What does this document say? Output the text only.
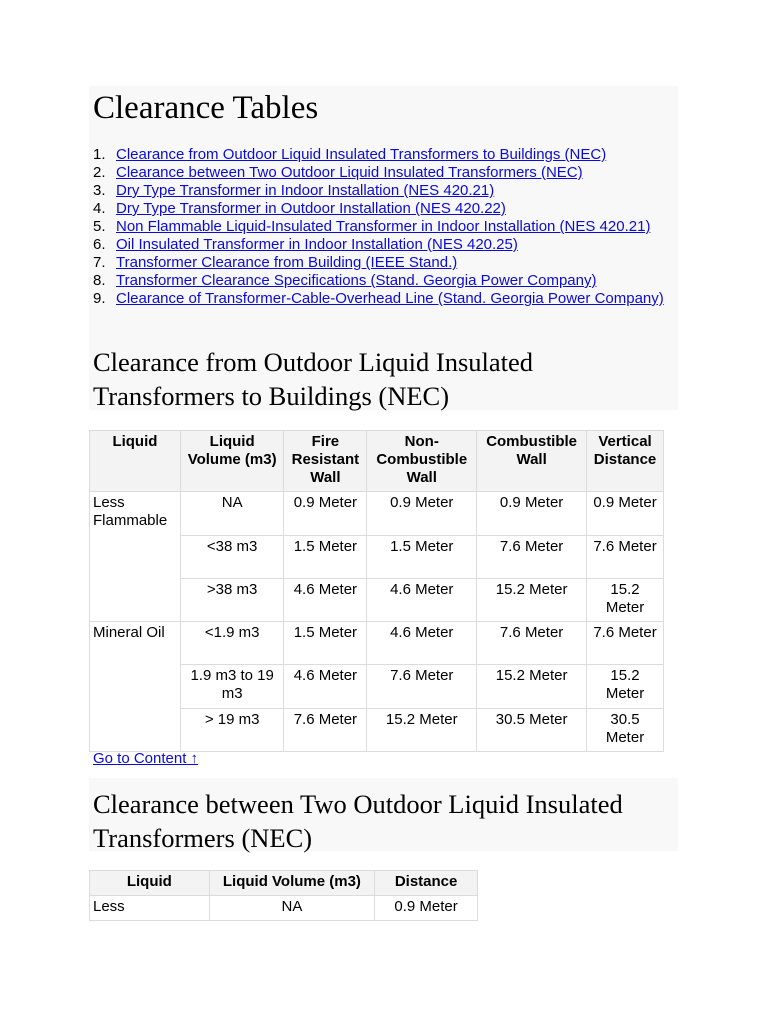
Clearance Tables
1. Clearance from Outdoor Liquid Insulated Transformers to Buildings (NEC)
2. Clearance between Two Outdoor Liquid Insulated Transformers (NEC)
3. Dry Type Transformer in Indoor Installation (NES 420.21)
4. Dry Type Transformer in Outdoor Installation (NES 420.22)
5. Non Flammable Liquid-Insulated Transformer in Indoor Installation (NES 420.21)
6. Oil Insulated Transformer in Indoor Installation (NES 420.25)
7. Transformer Clearance from Building (IEEE Stand.)
8. Transformer Clearance Specifications (Stand. Georgia Power Company)
9. Clearance of Transformer-Cable-Overhead Line (Stand. Georgia Power Company)
Clearance from Outdoor Liquid Insulated Transformers to Buildings (NEC)
Liquid	Liquid Volume (m3)	Fire Resistant Wall	Non-Combustible Wall	Combustible Wall	Vertical Distance
Less Flammable	NA	0.9 Meter	0.9 Meter	0.9 Meter	0.9 Meter
	<38 m3	1.5 Meter	1.5 Meter	7.6 Meter	7.6 Meter
	>38 m3	4.6 Meter	4.6 Meter	15.2 Meter	15.2 Meter
Mineral Oil	<1.9 m3	1.5 Meter	4.6 Meter	7.6 Meter	7.6 Meter
	1.9 m3 to 19 m3	4.6 Meter	7.6 Meter	15.2 Meter	15.2 Meter
	> 19 m3	7.6 Meter	15.2 Meter	30.5 Meter	30.5 Meter
Go to Content ↑
Clearance between Two Outdoor Liquid Insulated Transformers (NEC)
Liquid	Liquid Volume (m3)	Distance
Less	NA	0.9 Meter
